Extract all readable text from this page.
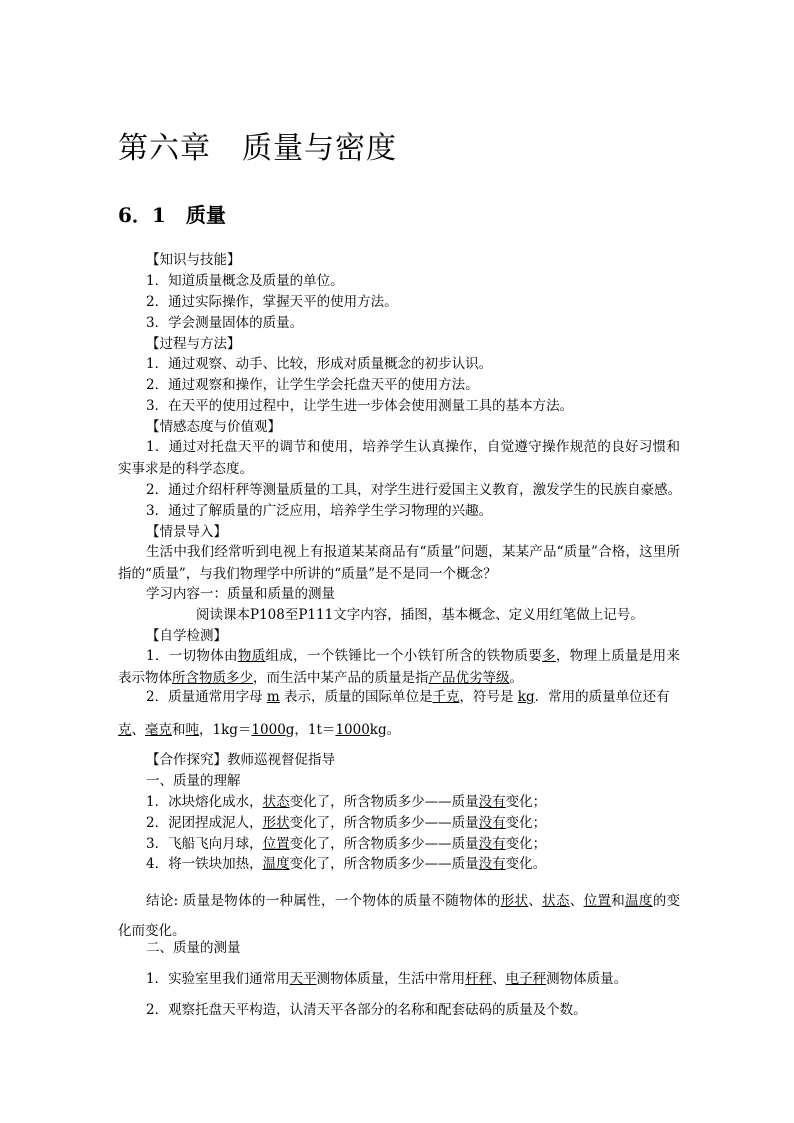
第六章　质量与密度
6．1　质量
【知识与技能】
1．知道质量概念及质量的单位。
2．通过实际操作，掌握天平的使用方法。
3．学会测量固体的质量。
【过程与方法】
1．通过观察、动手、比较，形成对质量概念的初步认识。
2．通过观察和操作，让学生学会托盘天平的使用方法。
3．在天平的使用过程中，让学生进一步体会使用测量工具的基本方法。
【情感态度与价值观】
1．通过对托盘天平的调节和使用，培养学生认真操作，自觉遵守操作规范的良好习惯和实事求是的科学态度。
2．通过介绍杆秤等测量质量的工具，对学生进行爱国主义教育，激发学生的民族自豪感。
3．通过了解质量的广泛应用，培养学生学习物理的兴趣。
【情景导入】
生活中我们经常听到电视上有报道某某商品有“质量”问题，某某产品“质量”合格，这里所指的“质量”，与我们物理学中所讲的“质量”是不是同一个概念？
学习内容一：质量和质量的测量
阅读课本P108至P111文字内容，插图，基本概念、定义用红笔做上记号。
【自学检测】
1．一切物体由物质组成，一个铁锤比一个小铁钉所含的铁物质要多，物理上质量是用来表示物体所含物质多少，而生活中某产品的质量是指产品优劣等级。
2．质量通常用字母 m 表示，质量的国际单位是千克，符号是 kg．常用的质量单位还有
克、毫克和吨，1kg＝1000g，1t＝1000kg。
【合作探究】教师巡视督促指导
一、质量的理解
1．冰块熔化成水，状态变化了，所含物质多少——质量没有变化；
2．泥团捏成泥人，形状变化了，所含物质多少——质量没有变化；
3．飞船飞向月球，位置变化了，所含物质多少——质量没有变化；
4．将一铁块加热，温度变化了，所含物质多少——质量没有变化。
结论: 质量是物体的一种属性，一个物体的质量不随物体的形状、状态、位置和温度的变化而变化。
二、质量的测量
1．实验室里我们通常用天平测物体质量，生活中常用杆秤、电子秤测物体质量。
2．观察托盘天平构造，认清天平各部分的名称和配套砝码的质量及个数。
